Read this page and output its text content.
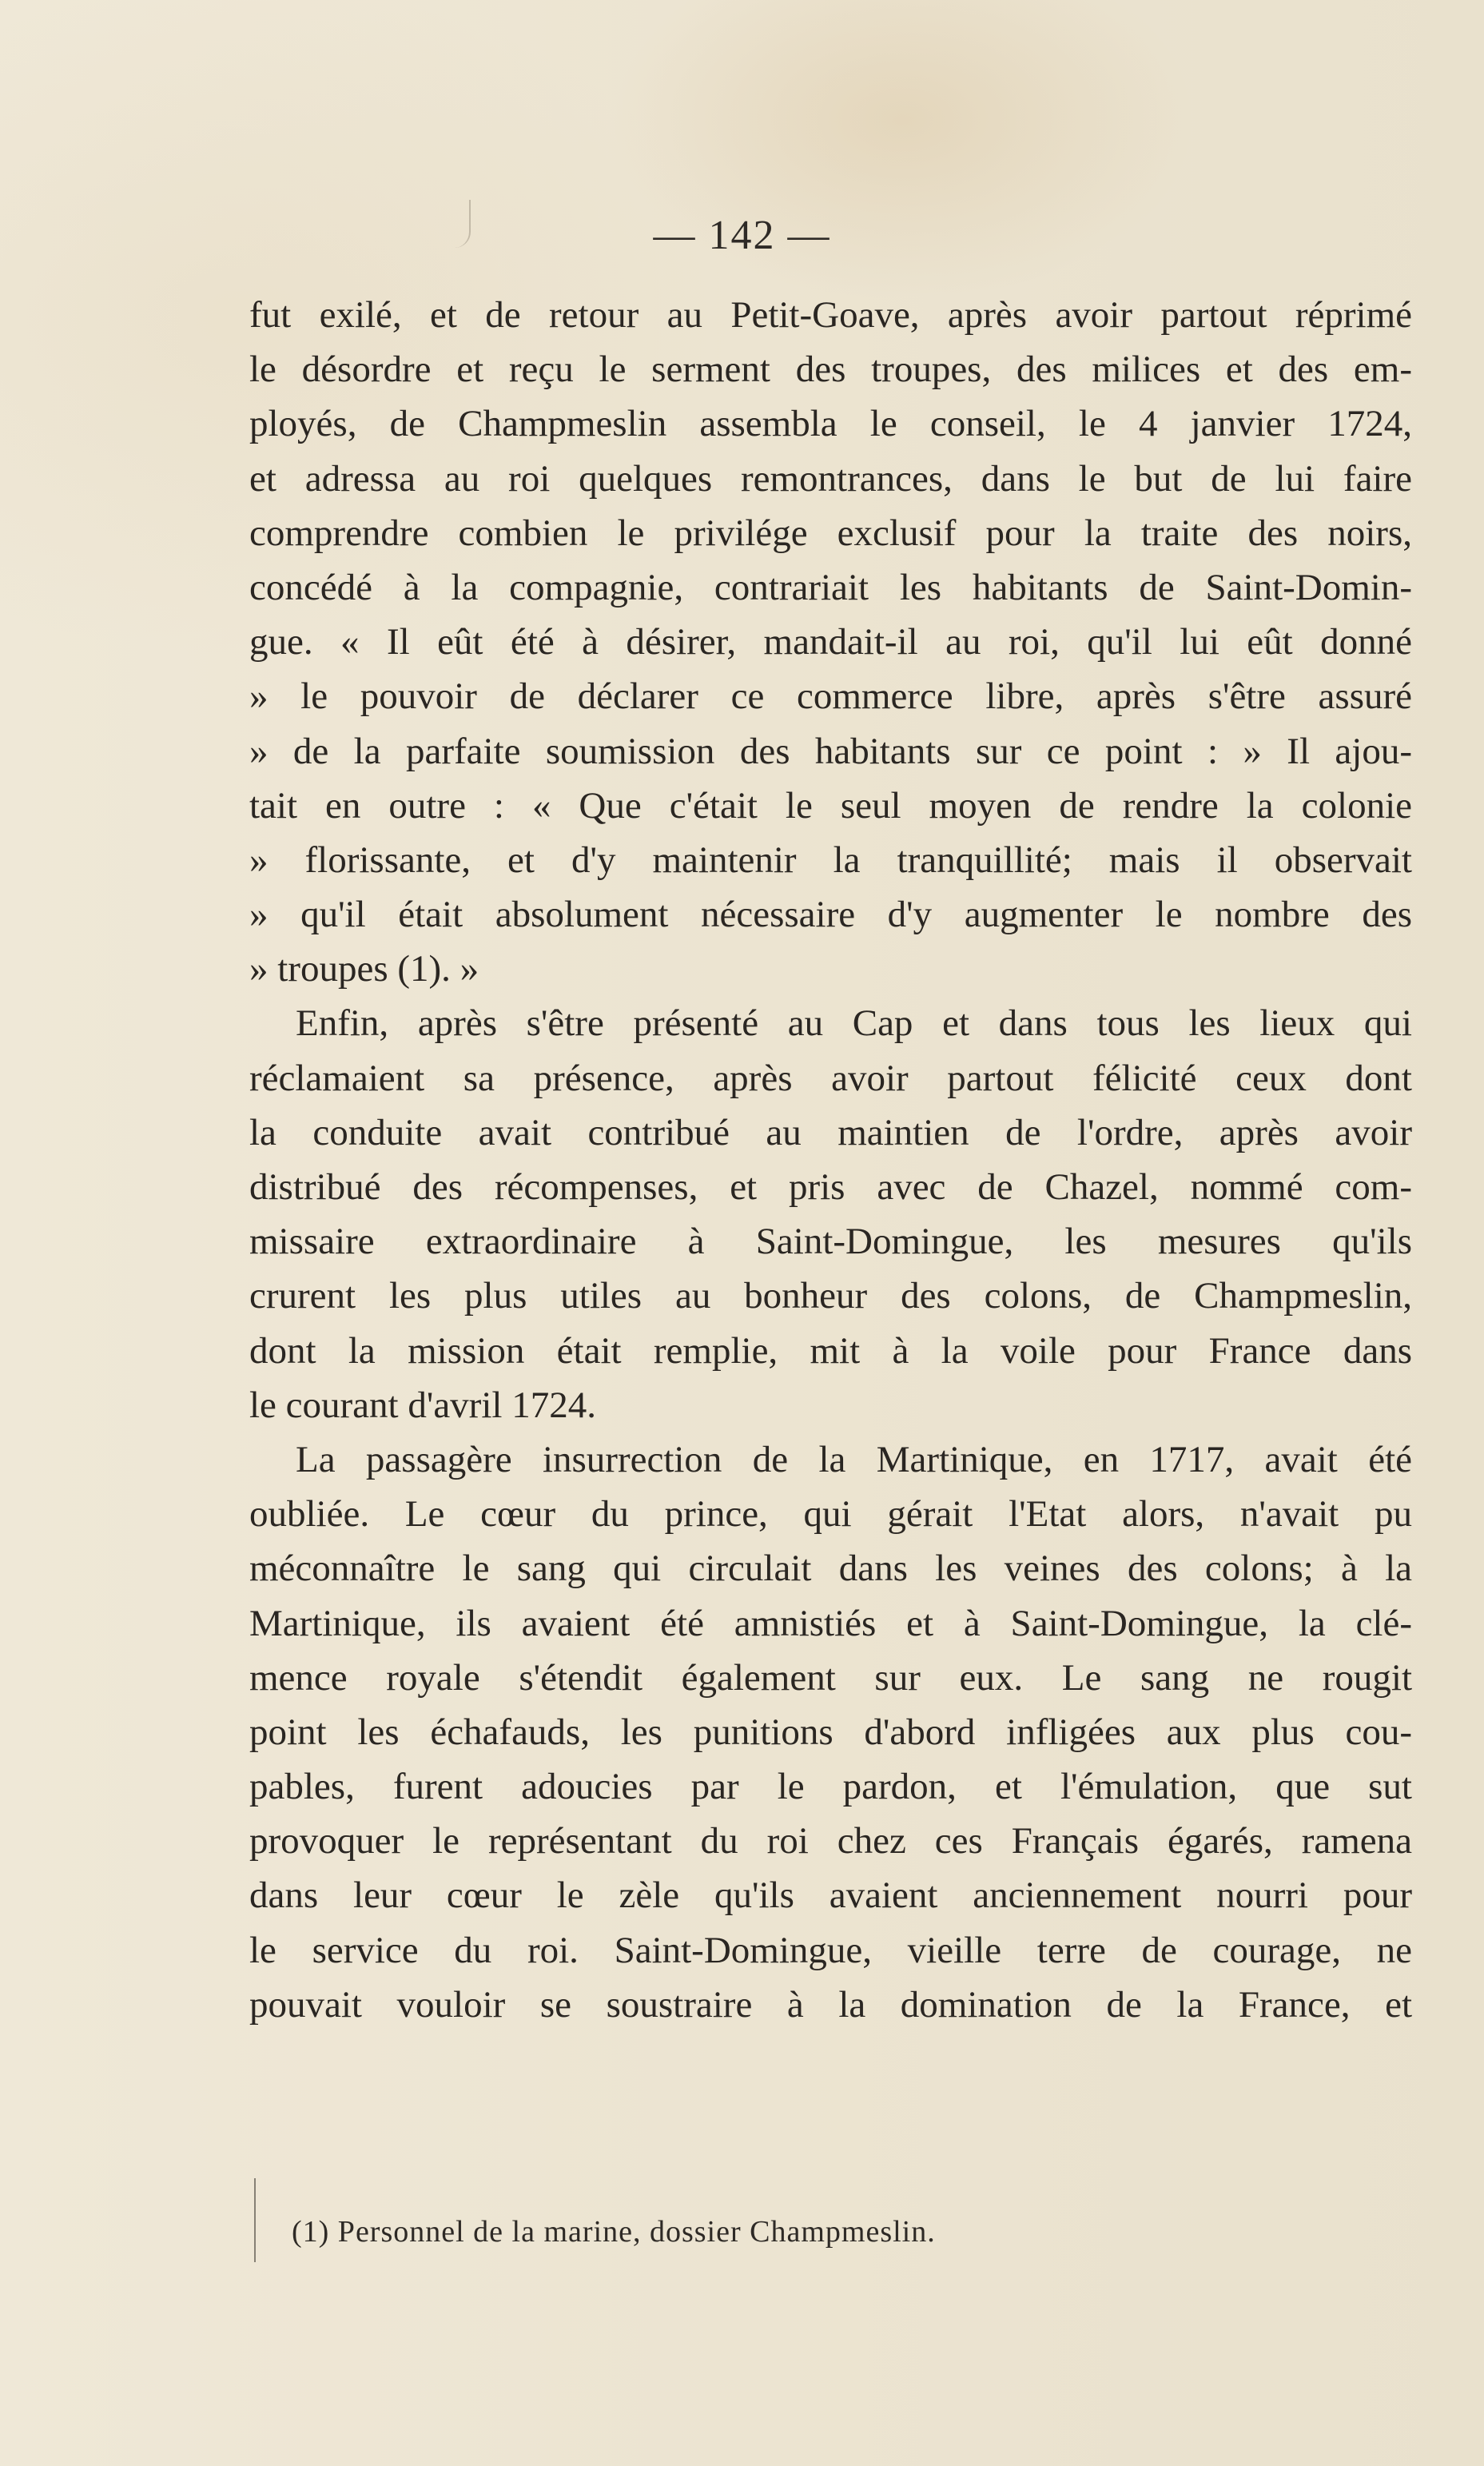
— 142 —
fut exilé, et de retour au Petit-Goave, après avoir partout réprimé
le désordre et reçu le serment des troupes, des milices et des em-
ployés, de Champmeslin assembla le conseil, le 4 janvier 1724,
et adressa au roi quelques remontrances, dans le but de lui faire
comprendre combien le privilége exclusif pour la traite des noirs,
concédé à la compagnie, contrariait les habitants de Saint-Domin-
gue. « Il eût été à désirer, mandait-il au roi, qu'il lui eût donné
» le pouvoir de déclarer ce commerce libre, après s'être assuré
» de la parfaite soumission des habitants sur ce point : » Il ajou-
tait en outre : « Que c'était le seul moyen de rendre la colonie
» florissante, et d'y maintenir la tranquillité; mais il observait
» qu'il était absolument nécessaire d'y augmenter le nombre des
» troupes (1). »
Enfin, après s'être présenté au Cap et dans tous les lieux qui
réclamaient sa présence, après avoir partout félicité ceux dont
la conduite avait contribué au maintien de l'ordre, après avoir
distribué des récompenses, et pris avec de Chazel, nommé com-
missaire extraordinaire à Saint-Domingue, les mesures qu'ils
crurent les plus utiles au bonheur des colons, de Champmeslin,
dont la mission était remplie, mit à la voile pour France dans
le courant d'avril 1724.
La passagère insurrection de la Martinique, en 1717, avait été
oubliée. Le cœur du prince, qui gérait l'Etat alors, n'avait pu
méconnaître le sang qui circulait dans les veines des colons; à la
Martinique, ils avaient été amnistiés et à Saint-Domingue, la clé-
mence royale s'étendit également sur eux. Le sang ne rougit
point les échafauds, les punitions d'abord infligées aux plus cou-
pables, furent adoucies par le pardon, et l'émulation, que sut
provoquer le représentant du roi chez ces Français égarés, ramena
dans leur cœur le zèle qu'ils avaient anciennement nourri pour
le service du roi. Saint-Domingue, vieille terre de courage, ne
pouvait vouloir se soustraire à la domination de la France, et
(1) Personnel de la marine, dossier Champmeslin.
